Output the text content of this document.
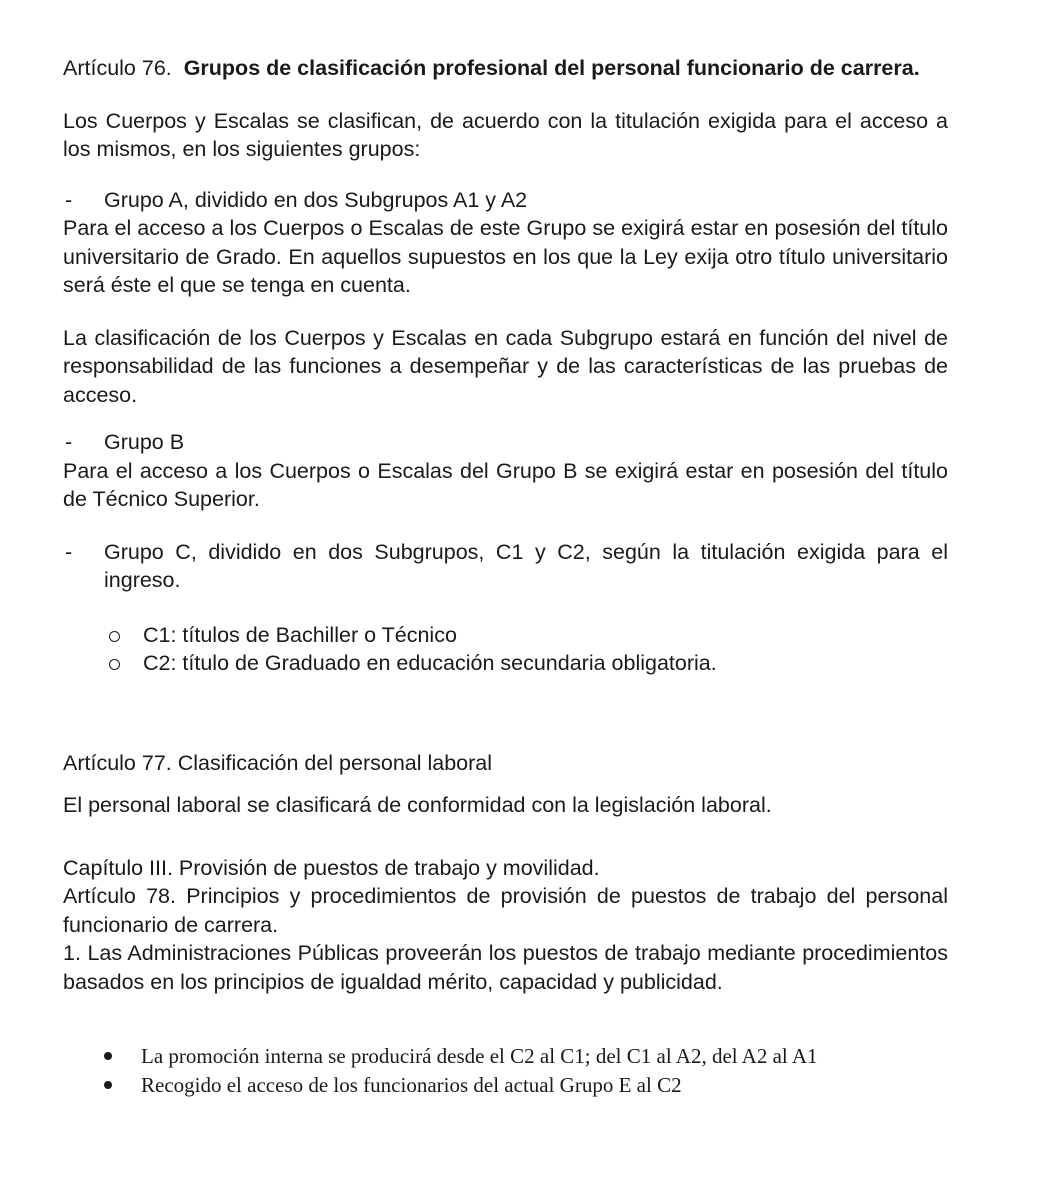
Artículo 76. Grupos de clasificación profesional del personal funcionario de carrera.

Los Cuerpos y Escalas se clasifican, de acuerdo con la titulación exigida para el acceso a los mismos, en los siguientes grupos:

- Grupo A, dividido en dos Subgrupos A1 y A2

Para el acceso a los Cuerpos o Escalas de este Grupo se exigirá estar en posesión del título universitario de Grado. En aquellos supuestos en los que la Ley exija otro título universitario será éste el que se tenga en cuenta.

La clasificación de los Cuerpos y Escalas en cada Subgrupo estará en función del nivel de responsabilidad de las funciones a desempeñar y de las características de las pruebas de acceso.

- Grupo B

Para el acceso a los Cuerpos o Escalas del Grupo B se exigirá estar en posesión del título de Técnico Superior.

- Grupo C, dividido en dos Subgrupos, C1 y C2, según la titulación exigida para el ingreso.
C1: títulos de Bachiller o Técnico
C2: título de Graduado en educación secundaria obligatoria.

Artículo 77. Clasificación del personal laboral

El personal laboral se clasificará de conformidad con la legislación laboral.

Capítulo III. Provisión de puestos de trabajo y movilidad.

Artículo 78. Principios y procedimientos de provisión de puestos de trabajo del personal funcionario de carrera.

1. Las Administraciones Públicas proveerán los puestos de trabajo mediante procedimientos basados en los principios de igualdad mérito, capacidad y publicidad.

La promoción interna se producirá desde el C2 al C1; del C1 al A2, del A2 al A1
Recogido el acceso de los funcionarios del actual Grupo E al C2
